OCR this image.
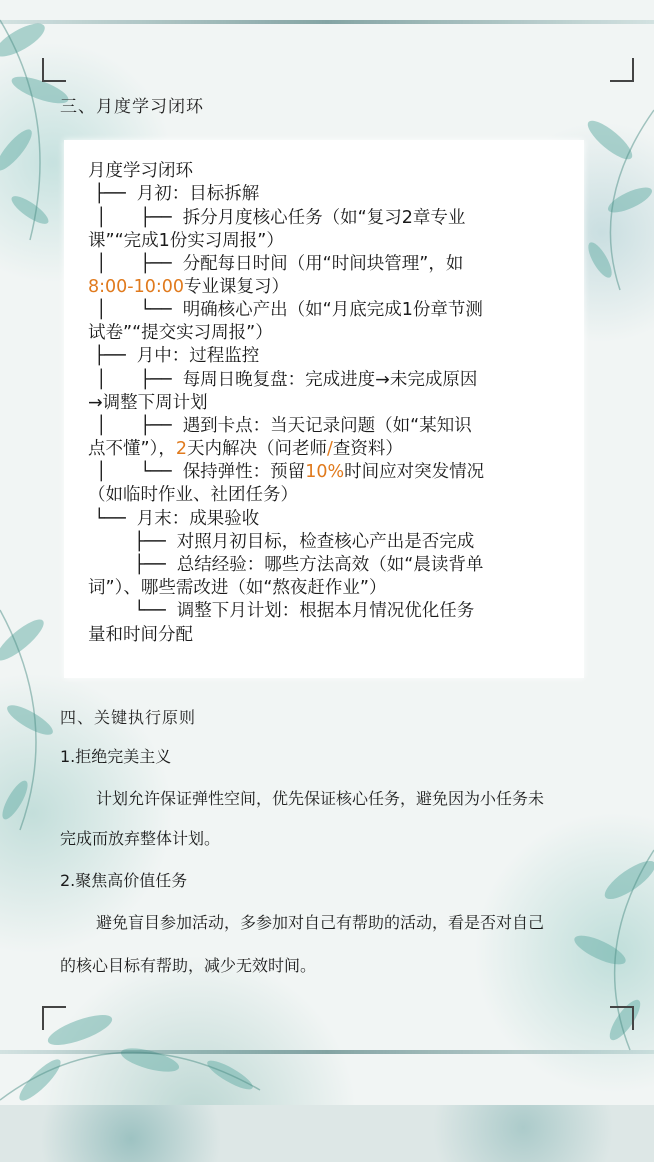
三、月度学习闭环
月度学习闭环
├── 月初：目标拆解
│ ├── 拆分月度核心任务（如“复习2章专业
课”“完成1份实习周报”）
│ ├── 分配每日时间（用“时间块管理”，如
8:00-10:00专业课复习）
│ └── 明确核心产出（如“月底完成1份章节测
试卷”“提交实习周报”）
├── 月中：过程监控
│ ├── 每周日晚复盘：完成进度→未完成原因
→调整下周计划
│ ├── 遇到卡点：当天记录问题（如“某知识
点不懂”），2天内解决（问老师/查资料）
│ └── 保持弹性：预留10%时间应对突发情况
（如临时作业、社团任务）
└── 月末：成果验收
├── 对照月初目标，检查核心产出是否完成
├── 总结经验：哪些方法高效（如“晨读背单
词”）、哪些需改进（如“熬夜赶作业”）
└── 调整下月计划：根据本月情况优化任务
量和时间分配
四、关键执行原则
1.拒绝完美主义
计划允许保证弹性空间，优先保证核心任务，避免因为小任务未
完成而放弃整体计划。
2.聚焦高价值任务
避免盲目参加活动，多参加对自己有帮助的活动，看是否对自己
的核心目标有帮助，减少无效时间。
